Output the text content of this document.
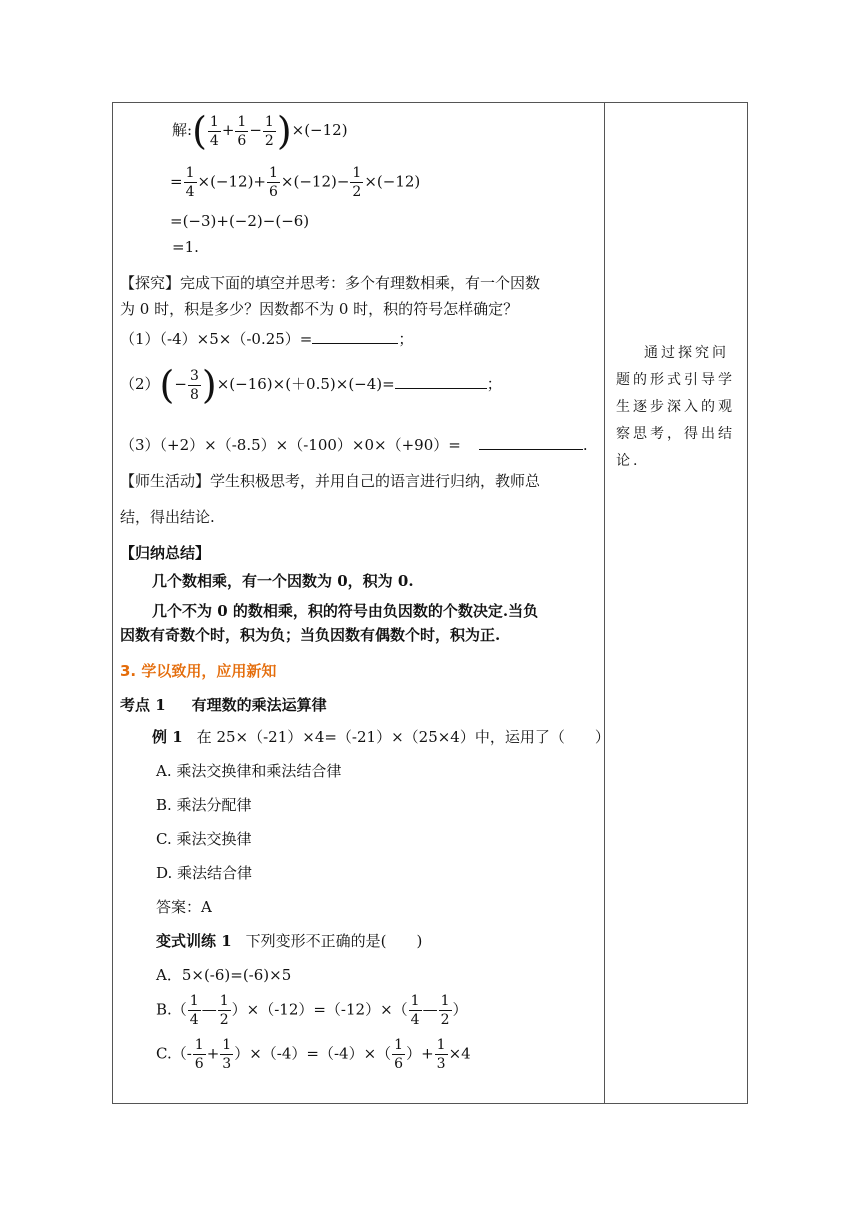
解:( $\frac{1}{4} + \frac{1}{6} - \frac{1}{2} )\times(-12)$
= $\frac{1}{4} \times(-12)+ \frac{1}{6} \times(-12)- \frac{1}{2} \times(-12)$
=(−3)+(−2)−(−6)
=1.
【探究】完成下面的填空并思考：多个有理数相乘，有一个因数
为 0 时，积是多少？因数都不为 0 时，积的符号怎样确定？
（1）（-4）×5×（-0.25）=	；
$(2)(- \frac{3}{8} )\times(-16)\times(+0.5)\times(-4)=$	；
（3）（+2）×（-8.5）×（-100）×0×（+90）=	.
【师生活动】学生积极思考，并用自己的语言进行归纳，教师总
结，得出结论.
【归纳总结】
几个数相乘，有一个因数为 0，积为 0.
几个不为 0 的数相乘，积的符号由负因数的个数决定.当负
因数有奇数个时，积为负；当负因数有偶数个时，积为正.
3. 学以致用，应用新知
考点 1 有理数的乘法运算律
例 1 在 25×（-21）×4=（-21）×（25×4）中，运用了（　　）
A. 乘法交换律和乘法结合律
B. 乘法分配律
C. 乘法交换律
D. 乘法结合律
答案：A
变式训练 1 下列变形不正确的是(　　)
A．5×(-6)=(-6)×5
$B.( \frac{1}{4}$ — $\frac{1}{2} )\times(-12)=(-12)\times( \frac{1}{4}$ — $\frac{1}{2}$ ）
$C.(- \frac{1}{6} + \frac{1}{3} )\times(-4)=(-4)\times( \frac{1}{6}$ ）+ $\frac{1}{3} \times 4$
通过探究问题的形式引导学生逐步深入的观察思考，得出结论.
